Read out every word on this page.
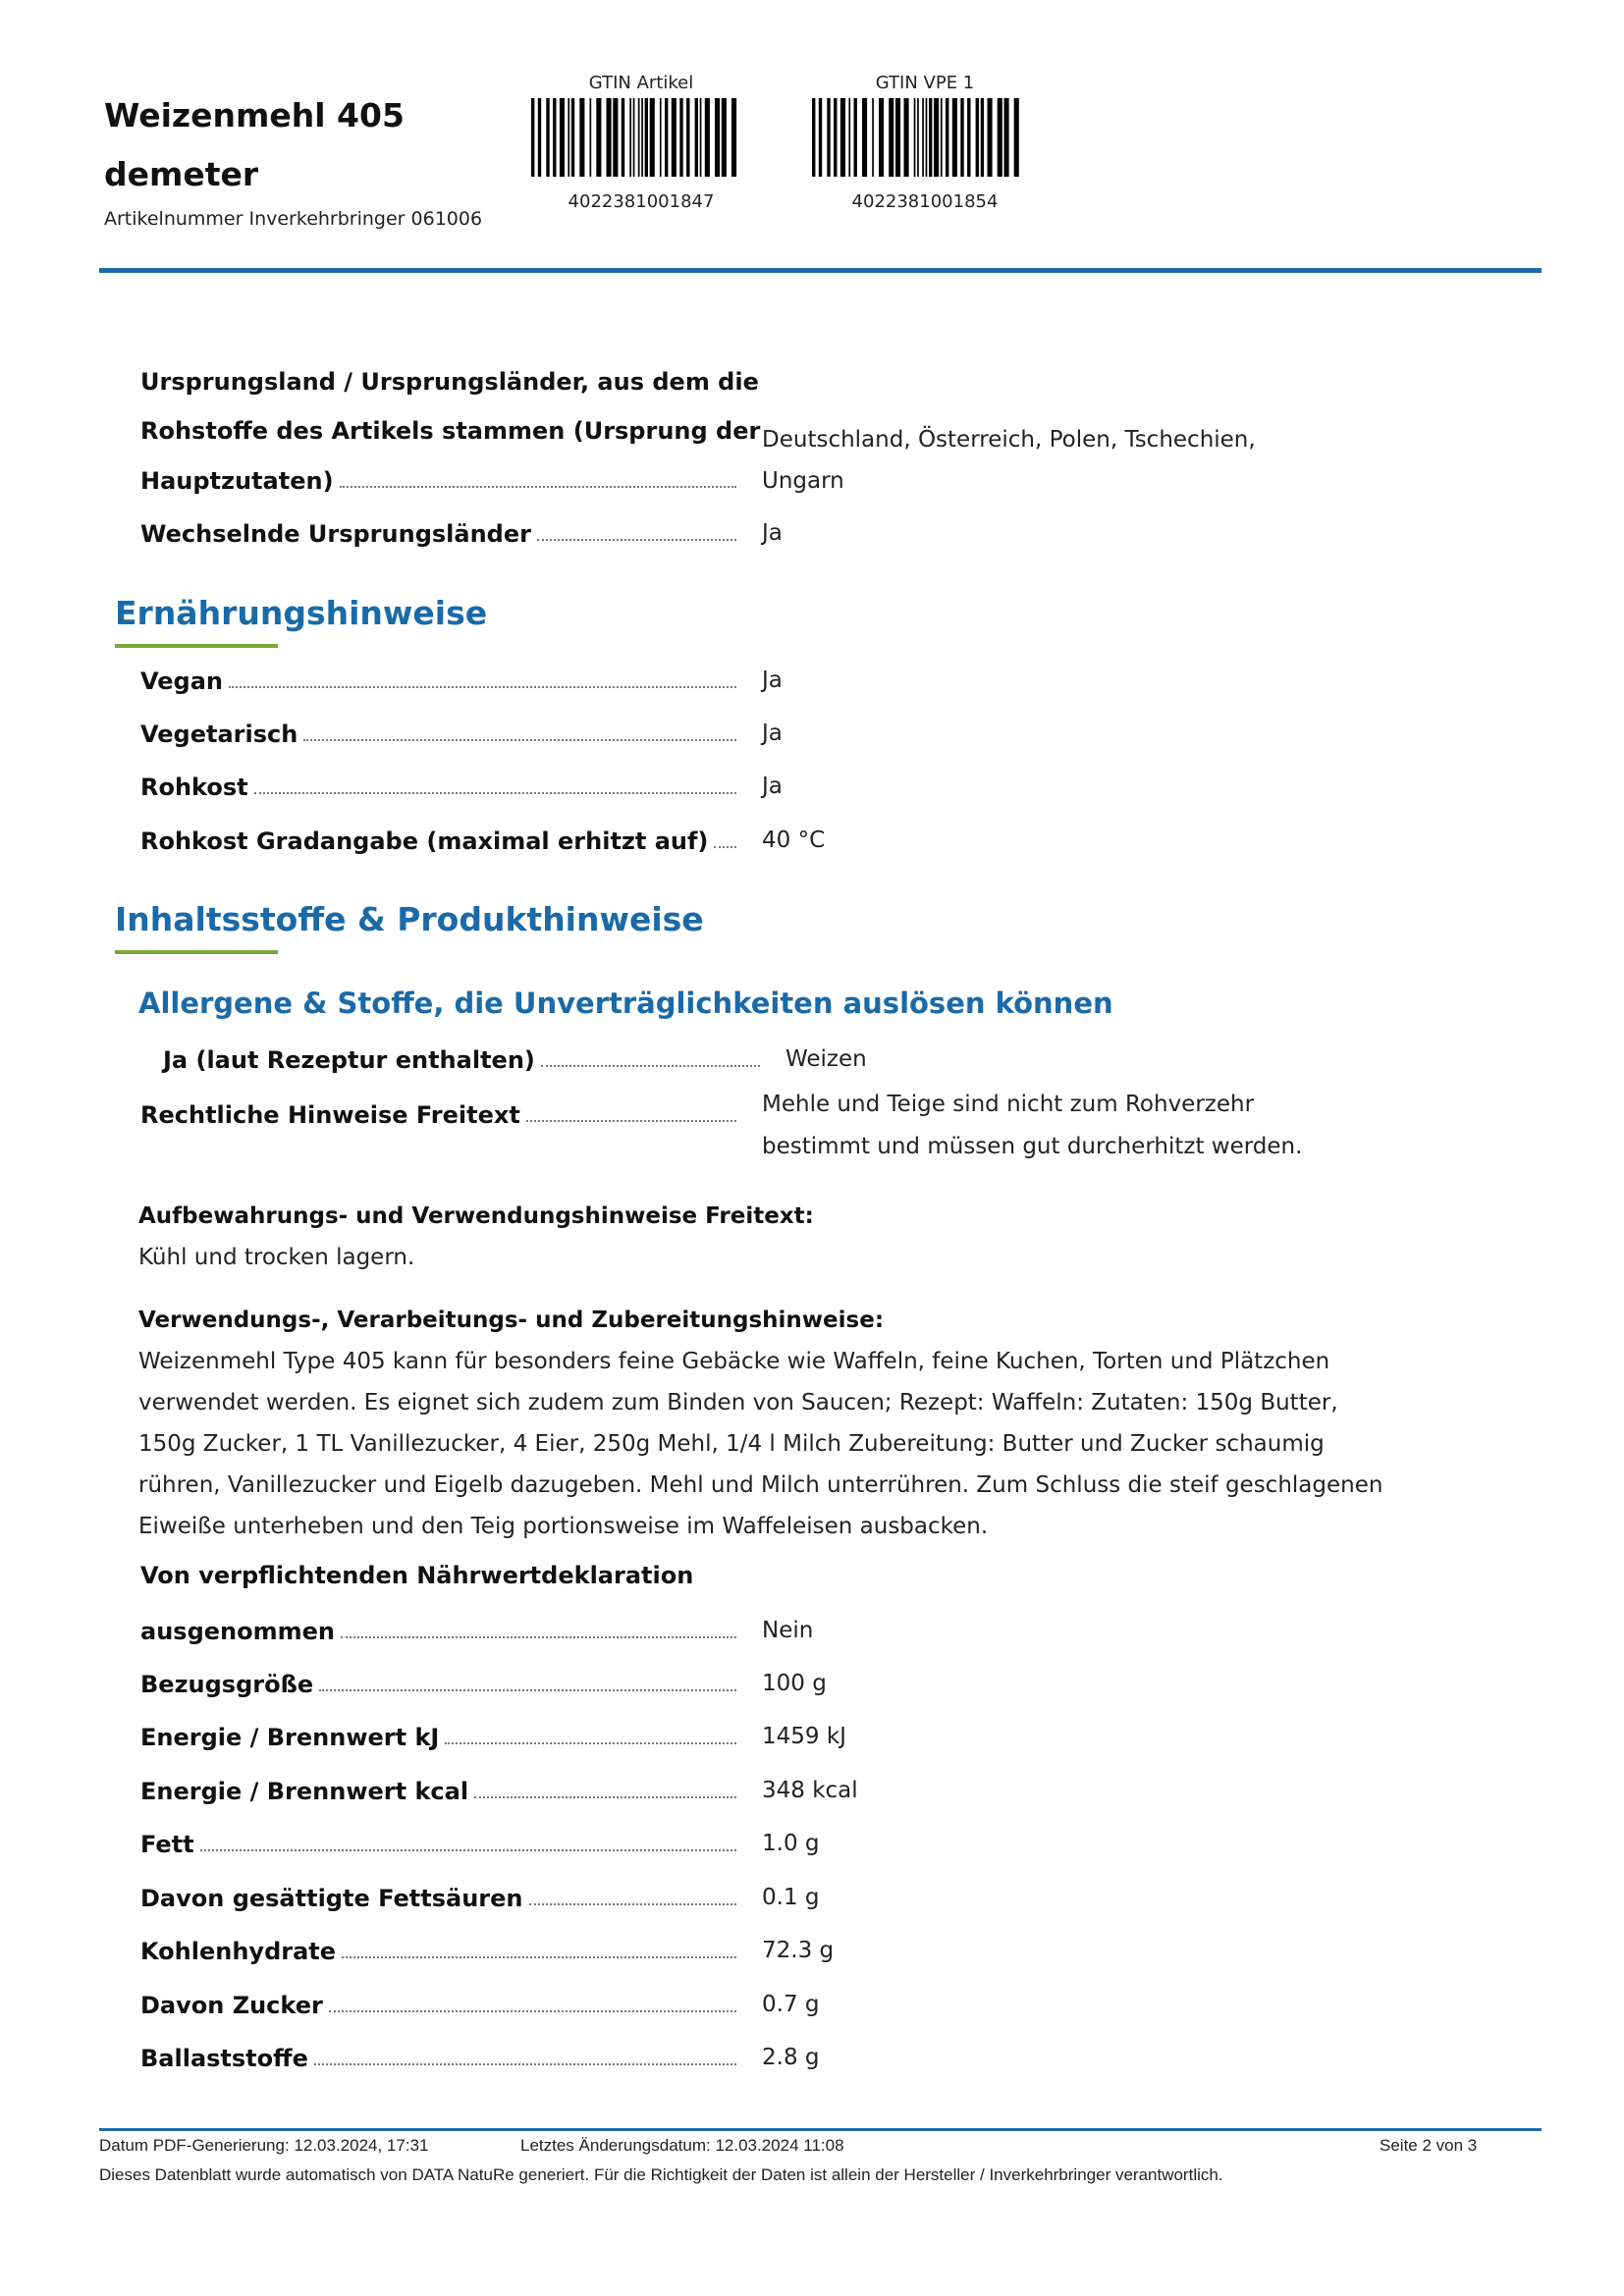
Weizenmehl 405
demeter
Artikelnummer Inverkehrbringer 061006
GTIN Artikel
4022381001847
GTIN VPE 1
4022381001854
Ursprungsland / Ursprungsländer, aus dem die
Rohstoffe des Artikels stammen (Ursprung der
Hauptzutaten)
Deutschland, Österreich, Polen, Tschechien,
Ungarn
Wechselnde Ursprungsländer	Ja
Ernährungshinweise
Vegan	Ja
Vegetarisch	Ja
Rohkost	Ja
Rohkost Gradangabe (maximal erhitzt auf) 40 °C
Inhaltsstoffe & Produkthinweise
Allergene & Stoffe, die Unverträglichkeiten auslösen können
Ja (laut Rezeptur enthalten)	Weizen
Rechtliche Hinweise Freitext	Mehle und Teige sind nicht zum Rohverzehr
bestimmt und müssen gut durcherhitzt werden.
Aufbewahrungs- und Verwendungshinweise Freitext:
Kühl und trocken lagern.
Verwendungs-, Verarbeitungs- und Zubereitungshinweise:
Weizenmehl Type 405 kann für besonders feine Gebäcke wie Waffeln, feine Kuchen, Torten und Plätzchen
verwendet werden. Es eignet sich zudem zum Binden von Saucen; Rezept: Waffeln: Zutaten: 150g Butter,
150g Zucker, 1 TL Vanillezucker, 4 Eier, 250g Mehl, 1/4 l Milch Zubereitung: Butter und Zucker schaumig
rühren, Vanillezucker und Eigelb dazugeben. Mehl und Milch unterrühren. Zum Schluss die steif geschlagenen
Eiweiße unterheben und den Teig portionsweise im Waffeleisen ausbacken.
Von verpflichtenden Nährwertdeklaration
ausgenommen	Nein
Bezugsgröße	100 g
Energie / Brennwert kJ	1459 kJ
Energie / Brennwert kcal	348 kcal
Fett	1.0 g
Davon gesättigte Fettsäuren	0.1 g
Kohlenhydrate	72.3 g
Davon Zucker	0.7 g
Ballaststoffe	2.8 g
Datum PDF-Generierung: 12.03.2024, 17:31	Letztes Änderungsdatum: 12.03.2024 11:08	Seite 2 von 3
Dieses Datenblatt wurde automatisch von DATA NatuRe generiert. Für die Richtigkeit der Daten ist allein der Hersteller / Inverkehrbringer verantwortlich.
